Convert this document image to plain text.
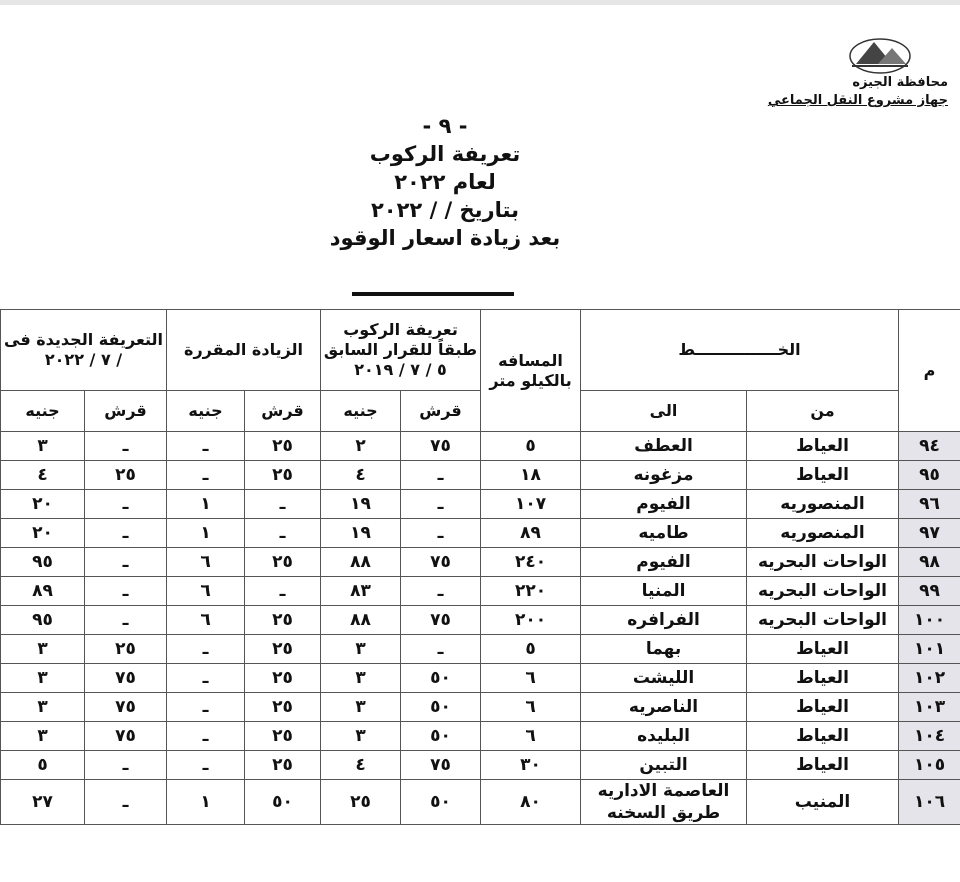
محافظة الجيزه
جهاز مشروع النقل الجماعي
- ٩ -
تعريفة الركوب
لعام ٢٠٢٢
بتاريخ / / ٢٠٢٢
بعد زيادة اسعار الوقود
م	الخـــــــــــــــط		المسافه بالكيلو متر	تعريفة الركوب طبقاً للقرار السابق ٥ / ٧ / ٢٠١٩		الزيادة المقررة		التعريفة الجديدة فى / ٧ / ٢٠٢٢	
	من	الى		قرش	جنيه	قرش	جنيه	قرش	جنيه
٩٤	العياط	العطف	٥	٧٥	٢	٢٥	ـ	ـ	٣
٩٥	العياط	مزغونه	١٨	ـ	٤	٢٥	ـ	٢٥	٤
٩٦	المنصوريه	الفيوم	١٠٧	ـ	١٩	ـ	١	ـ	٢٠
٩٧	المنصوريه	طاميه	٨٩	ـ	١٩	ـ	١	ـ	٢٠
٩٨	الواحات البحريه	الفيوم	٢٤٠	٧٥	٨٨	٢٥	٦	ـ	٩٥
٩٩	الواحات البحريه	المنيا	٢٢٠	ـ	٨٣	ـ	٦	ـ	٨٩
١٠٠	الواحات البحريه	الفرافره	٢٠٠	٧٥	٨٨	٢٥	٦	ـ	٩٥
١٠١	العياط	بهما	٥	ـ	٣	٢٥	ـ	٢٥	٣
١٠٢	العياط	الليشت	٦	٥٠	٣	٢٥	ـ	٧٥	٣
١٠٣	العياط	الناصريه	٦	٥٠	٣	٢٥	ـ	٧٥	٣
١٠٤	العياط	البليده	٦	٥٠	٣	٢٥	ـ	٧٥	٣
١٠٥	العياط	التبين	٣٠	٧٥	٤	٢٥	ـ	ـ	٥
١٠٦	المنيب	العاصمة الاداريه
طريق السخنه	٨٠	٥٠	٢٥	٥٠	١	ـ	٢٧
